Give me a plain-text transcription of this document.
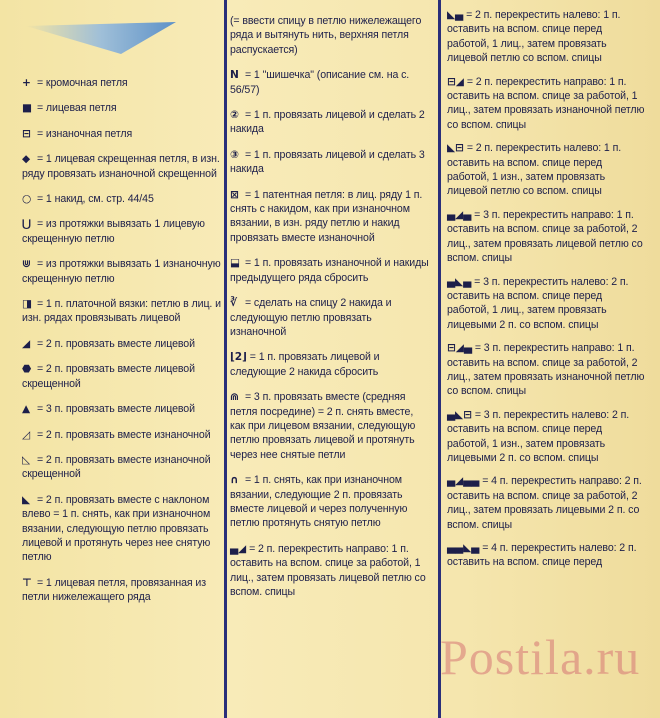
+ = кромочная петля
■ = лицевая петля
⊟ = изнаночная петля
◆ = 1 лицевая скрещенная петля, в изн. ряду провязать изнаночной скрещенной
○ = 1 накид, см. стр. 44/45
⋃ = из протяжки вывязать 1 лицевую скрещенную петлю
⋓ = из протяжки вывязать 1 изнаночную скрещенную петлю
◨ = 1 п. платочной вязки: петлю в лиц. и изн. рядах провязывать лицевой
◢ = 2 п. провязать вместе лицевой
⬣ = 2 п. провязать вместе лицевой скрещенной
▲ = 3 п. провязать вместе лицевой
◿ = 2 п. провязать вместе изнаночной
◺ = 2 п. провязать вместе изнаночной скрещенной
◣ = 2 п. провязать вместе с наклоном влево = 1 п. снять, как при изнаночном вязании, следующую петлю провязать лицевой и протянуть через нее снятую петлю
⊤ = 1 лицевая петля, провязанная из петли нижележащего ряда
(= ввести спицу в петлю нижележащего ряда и вытянуть нить, верхняя петля распускается)
Ν = 1 "шишечка" (описание см. на с. 56/57)
② = 1 п. провязать лицевой и сделать 2 накида
③ = 1 п. провязать лицевой и сделать 3 накида
⊠ = 1 патентная петля: в лиц. ряду 1 п. снять с накидом, как при изнаночном вязании, в изн. ряду петлю и накид провязать вместе изнаночной
⬓ = 1 п. провязать изнаночной и накиды предыдущего ряда сбросить
∛ = сделать на спицу 2 накида и следующую петлю провязать изнаночной
⌊2⌋ = 1 п. провязать лицевой и следующие 2 накида сбросить
⋒ = 3 п. провязать вместе (средняя петля посредине) = 2 п. снять вместе, как при лицевом вязании, следующую петлю провязать лицевой и протянуть через нее снятые петли
∩ = 1 п. снять, как при изнаночном вязании, следующие 2 п. провязать вместе лицевой и через полученную петлю протянуть снятую петлю
▄◢ = 2 п. перекрестить направо: 1 п. оставить на вспом. спице за работой, 1 лиц., затем провязать лицевой петлю со вспом. спицы
◣▄ = 2 п. перекрестить налево: 1 п. оставить на вспом. спице перед работой, 1 лиц., затем провязать лицевой петлю со вспом. спицы
⊟◢ = 2 п. перекрестить направо: 1 п. оставить на вспом. спице за работой, 1 лиц., затем провязать изнаночной петлю со вспом. спицы
◣⊟ = 2 п. перекрестить налево: 1 п. оставить на вспом. спице перед работой, 1 изн., затем провязать лицевой петлю со вспом. спицы
▄◢▄ = 3 п. перекрестить направо: 1 п. оставить на вспом. спице за работой, 2 лиц., затем провязать лицевой петлю со вспом. спицы
▄◣▄ = 3 п. перекрестить налево: 2 п. оставить на вспом. спице перед работой, 1 лиц., затем провязать лицевыми 2 п. со вспом. спицы
⊟◢▄ = 3 п. перекрестить направо: 1 п. оставить на вспом. спице за работой, 2 лиц., затем провязать изнаночной петлю со вспом. спицы
▄◣⊟ = 3 п. перекрестить налево: 2 п. оставить на вспом. спице перед работой, 1 изн., затем провязать лицевыми 2 п. со вспом. спицы
▄◢▄▄ = 4 п. перекрестить направо: 2 п. оставить на вспом. спице за работой, 2 лиц., затем провязать лицевыми 2 п. со вспом. спицы
▄▄◣▄ = 4 п. перекрестить налево: 2 п. оставить на вспом. спице перед
Postila.ru
